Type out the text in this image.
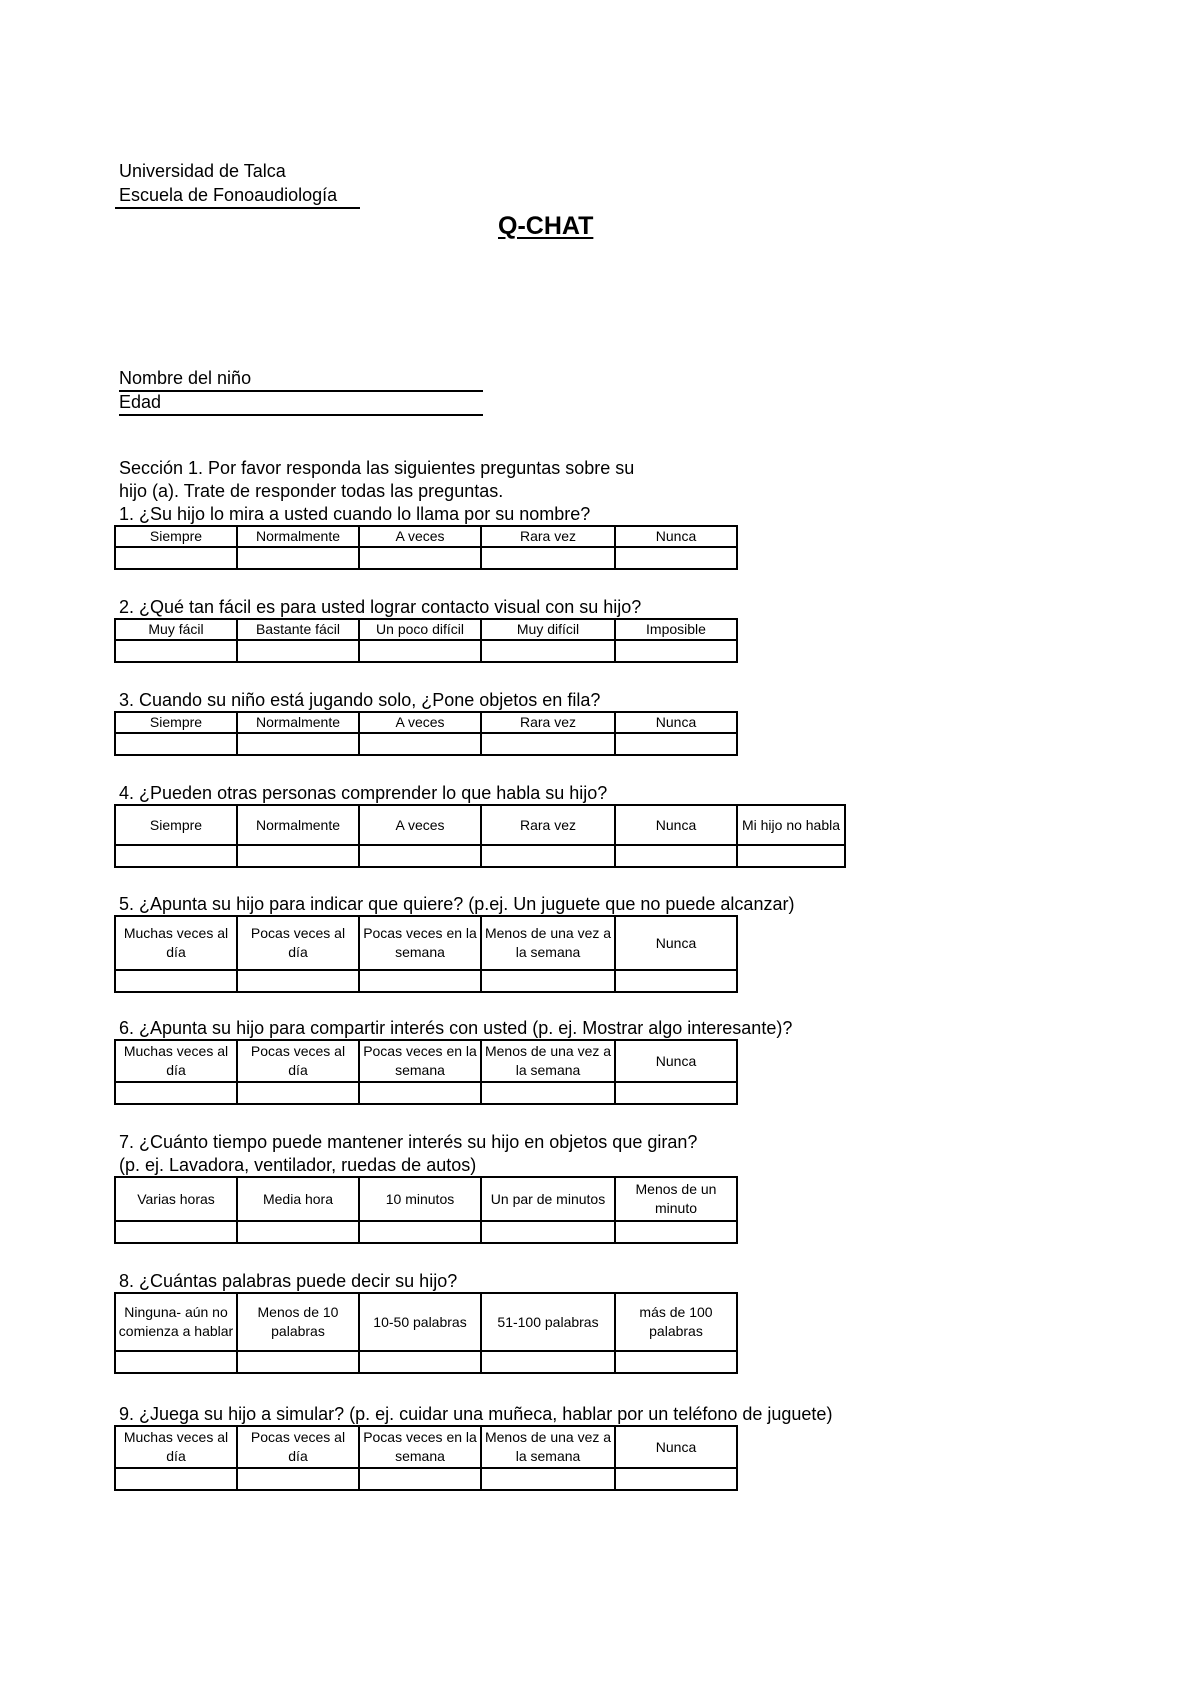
Universidad de Talca
Escuela de Fonoaudiología
Q-CHAT
Nombre del niño
Edad
Sección 1. Por favor responda las siguientes preguntas sobre su
hijo (a). Trate de responder todas las preguntas.
1. ¿Su hijo lo mira a usted cuando lo llama por su nombre?
Siempre	Normalmente	A veces	Rara vez	Nunca

2. ¿Qué tan fácil es para usted lograr contacto visual con su hijo?
Muy fácil	Bastante fácil	Un poco difícil	Muy difícil	Imposible

3. Cuando su niño está jugando solo, ¿Pone objetos en fila?
Siempre	Normalmente	A veces	Rara vez	Nunca

4. ¿Pueden otras personas comprender lo que habla su hijo?
Siempre	Normalmente	A veces	Rara vez	Nunca	Mi hijo no habla

5. ¿Apunta su hijo para indicar que quiere? (p.ej. Un juguete que no puede alcanzar)
Muchas veces al día	Pocas veces al día	Pocas veces en la semana	Menos de una vez a la semana	Nunca

6. ¿Apunta su hijo para compartir interés con usted (p. ej. Mostrar algo interesante)?
Muchas veces al día	Pocas veces al día	Pocas veces en la semana	Menos de una vez a la semana	Nunca

7. ¿Cuánto tiempo puede mantener interés su hijo en objetos que giran?
(p. ej. Lavadora, ventilador, ruedas de autos)
Varias horas	Media hora	10 minutos	Un par de minutos	Menos de un minuto

8. ¿Cuántas palabras puede decir su hijo?
Ninguna- aún no comienza a hablar	Menos de 10 palabras	10-50 palabras	51-100 palabras	más de 100 palabras

9. ¿Juega su hijo a simular? (p. ej. cuidar una muñeca, hablar por un teléfono de juguete)
Muchas veces al día	Pocas veces al día	Pocas veces en la semana	Menos de una vez a la semana	Nunca
